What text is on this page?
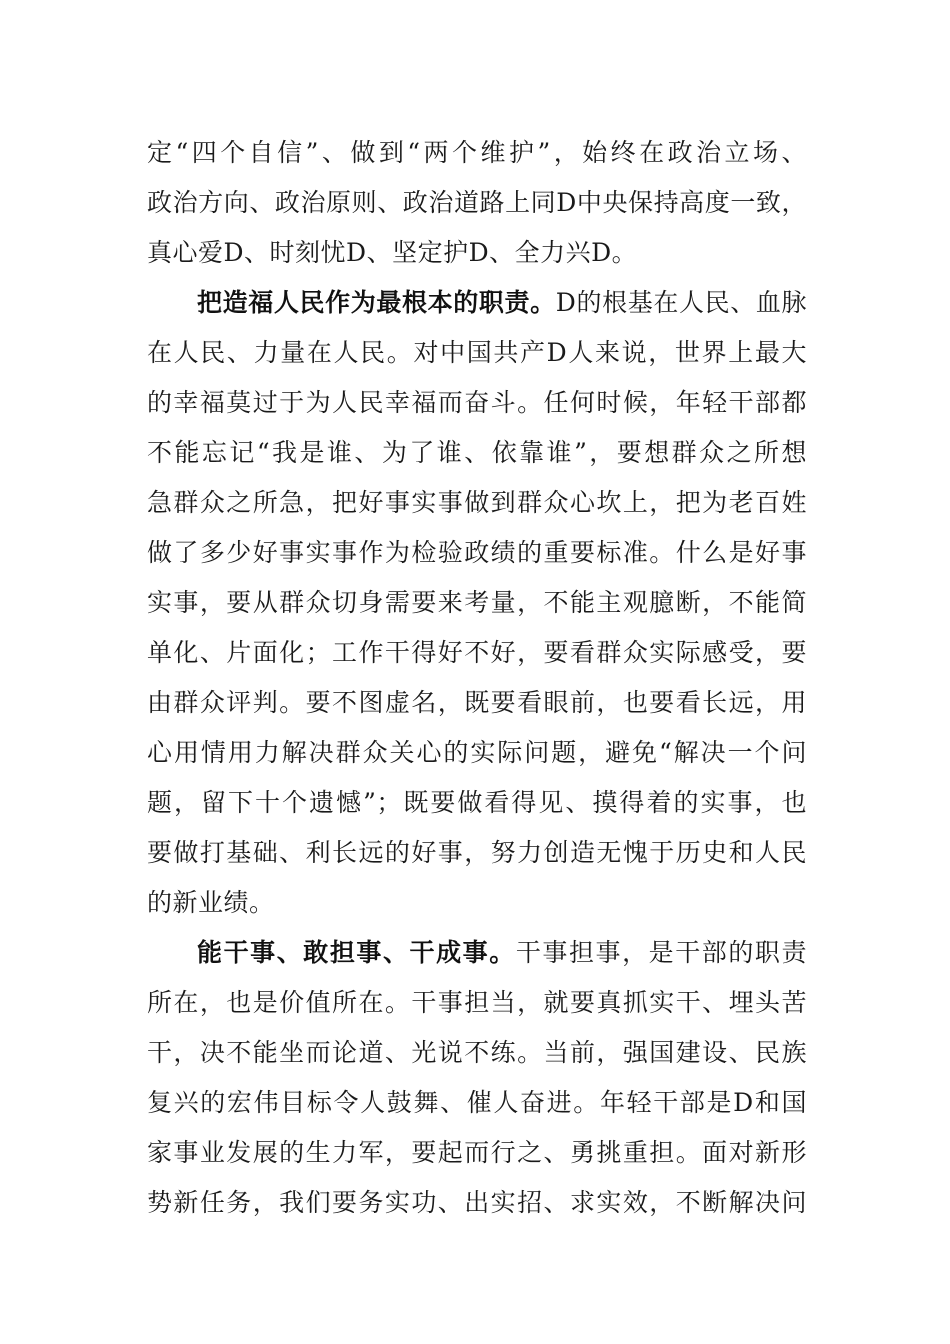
定“四个自信”、做到“两个维护”，始终在政治立场、
政治方向、政治原则、政治道路上同D中央保持高度一致，
真心爱D、时刻忧D、坚定护D、全力兴D。
把造福人民作为最根本的职责。D的根基在人民、血脉
在人民、力量在人民。对中国共产D人来说，世界上最大
的幸福莫过于为人民幸福而奋斗。任何时候，年轻干部都
不能忘记“我是谁、为了谁、依靠谁”，要想群众之所想
急群众之所急，把好事实事做到群众心坎上，把为老百姓
做了多少好事实事作为检验政绩的重要标准。什么是好事
实事，要从群众切身需要来考量，不能主观臆断，不能简
单化、片面化；工作干得好不好，要看群众实际感受，要
由群众评判。要不图虚名，既要看眼前，也要看长远，用
心用情用力解决群众关心的实际问题，避免“解决一个问
题，留下十个遗憾”；既要做看得见、摸得着的实事，也
要做打基础、利长远的好事，努力创造无愧于历史和人民
的新业绩。
能干事、敢担事、干成事。干事担事，是干部的职责
所在，也是价值所在。干事担当，就要真抓实干、埋头苦
干，决不能坐而论道、光说不练。当前，强国建设、民族
复兴的宏伟目标令人鼓舞、催人奋进。年轻干部是D和国
家事业发展的生力军，要起而行之、勇挑重担。面对新形
势新任务，我们要务实功、出实招、求实效，不断解决问
